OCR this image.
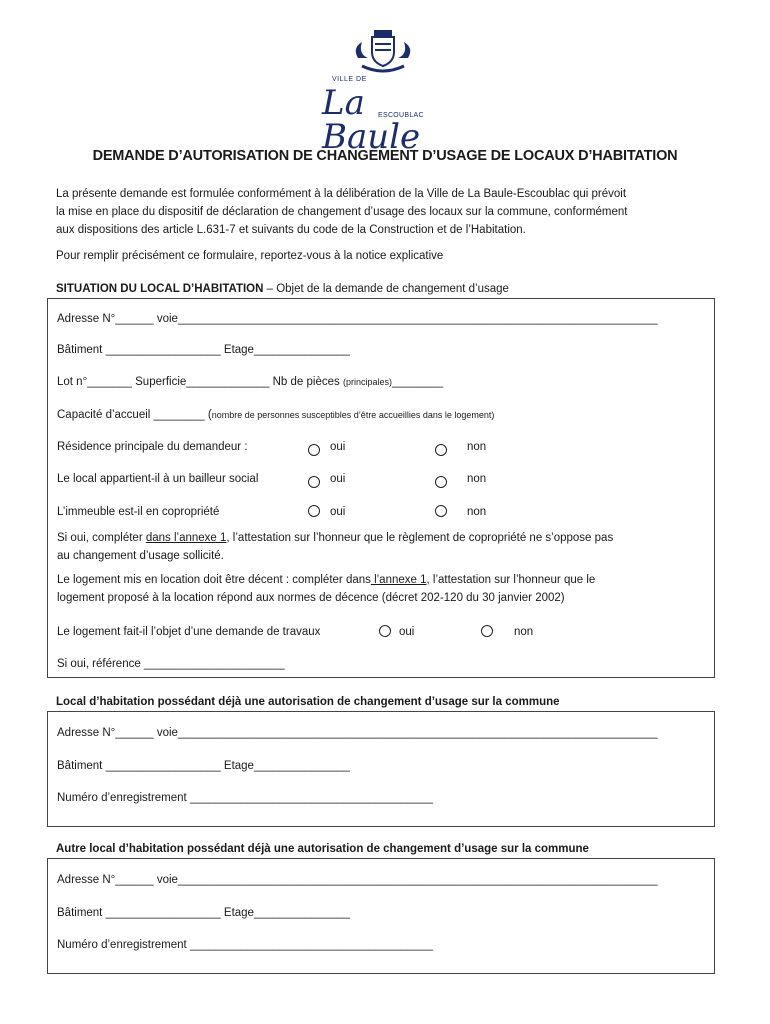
VILLE DE
La Baule
ESCOUBLAC
DEMANDE D’AUTORISATION DE CHANGEMENT D’USAGE DE LOCAUX D’HABITATION
La présente demande est formulée conformément à la délibération de la Ville de La Baule-Escoublac qui prévoit
la mise en place du dispositif de déclaration de changement d’usage des locaux sur la commune, conformément
aux dispositions des article L.631-7 et suivants du code de la Construction et de l’Habitation.
Pour remplir précisément ce formulaire, reportez-vous à la notice explicative
SITUATION DU LOCAL D’HABITATION – Objet de la demande de changement d’usage
Adresse N°______ voie___________________________________________________________________________
Bâtiment __________________ Etage_______________
Lot n°_______ Superficie_____________ Nb de pièces (principales)________
Capacité d’accueil ________ (nombre de personnes susceptibles d’être accueillies dans le logement)
Résidence principale du demandeur :	oui	non
Le local appartient-il à un bailleur social	oui	non
L’immeuble est-il en copropriété	oui	non
Si oui, compléter dans l’annexe 1, l’attestation sur l’honneur que le règlement de copropriété ne s’oppose pas
au changement d’usage sollicité.
Le logement mis en location doit être décent : compléter dans l’annexe 1, l’attestation sur l’honneur que le
logement proposé à la location répond aux normes de décence (décret 202-120 du 30 janvier 2002)
Le logement fait-il l’objet d’une demande de travaux	oui	non
Si oui, référence ______________________
Local d’habitation possédant déjà une autorisation de changement d’usage sur la commune
Adresse N°______ voie___________________________________________________________________________
Bâtiment __________________ Etage_______________
Numéro d’enregistrement ______________________________________
Autre local d’habitation possédant déjà une autorisation de changement d’usage sur la commune
Adresse N°______ voie___________________________________________________________________________
Bâtiment __________________ Etage_______________
Numéro d’enregistrement ______________________________________
